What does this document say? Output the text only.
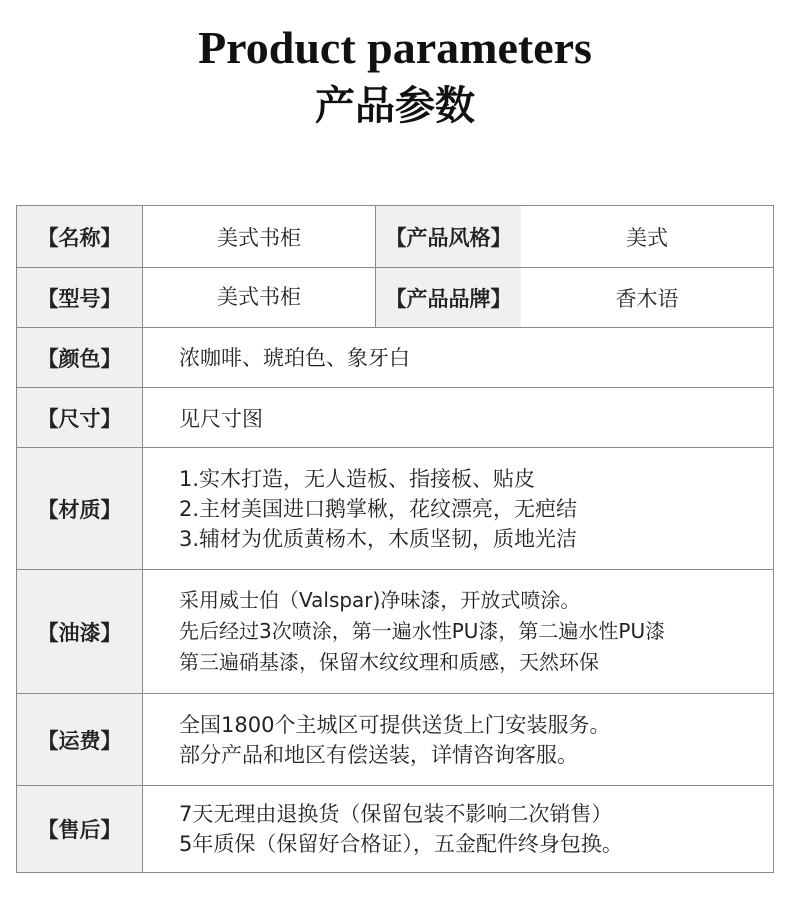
Product parameters
产品参数
【名称】	美式书柜	【产品风格】	美式
【型号】	美式书柜	【产品品牌】	香木语
【颜色】	浓咖啡、琥珀色、象牙白
【尺寸】	见尺寸图
【材质】
1.实木打造，无人造板、指接板、贴皮
2.主材美国进口鹅掌楸，花纹漂亮，无疤结
3.辅材为优质黄杨木，木质坚韧，质地光洁
【油漆】
采用威士伯（Valspar)净味漆，开放式喷涂。
先后经过3次喷涂，第一遍水性PU漆，第二遍水性PU漆
第三遍硝基漆，保留木纹纹理和质感，天然环保
【运费】
全国1800个主城区可提供送货上门安装服务。
部分产品和地区有偿送装，详情咨询客服。
【售后】
7天无理由退换货（保留包装不影响二次销售）
5年质保（保留好合格证），五金配件终身包换。
